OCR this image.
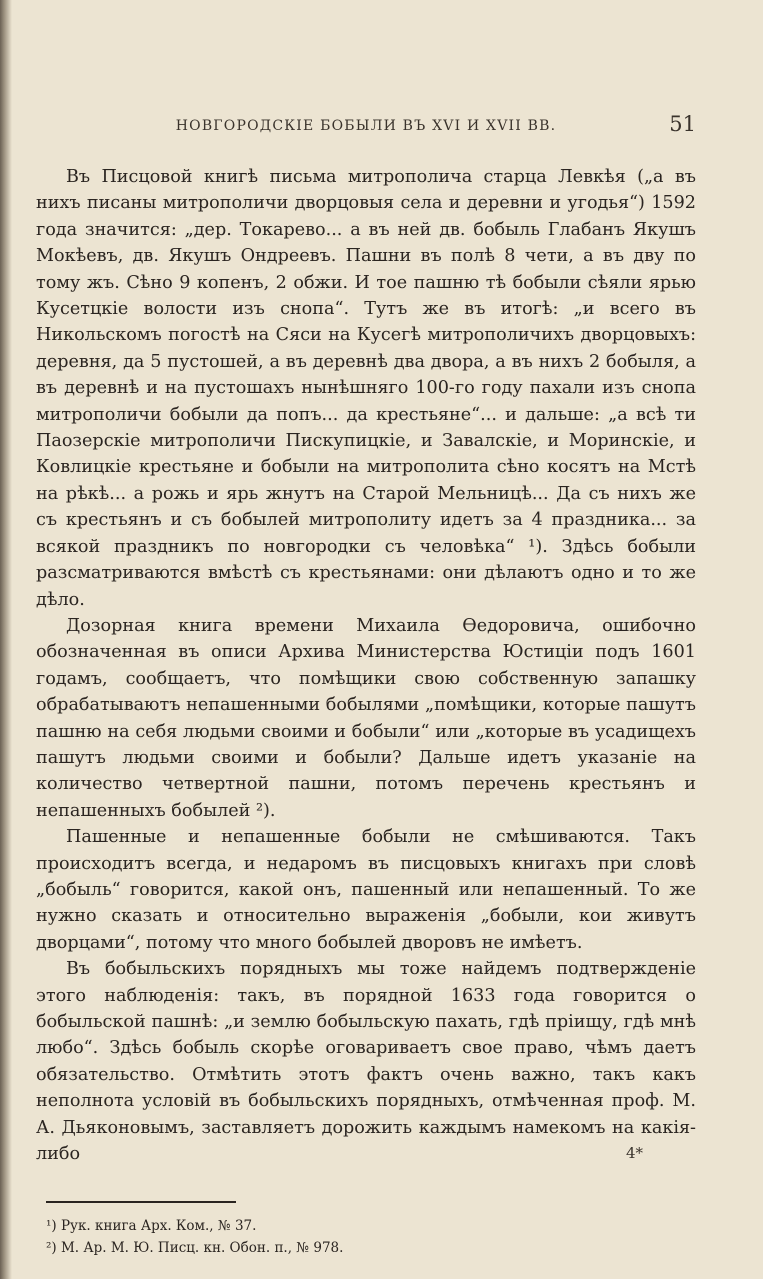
НОВГОРОДСКІЕ БОБЫЛИ ВЪ XVI И XVII ВВ.	51

Въ Писцовой книгѣ письма митрополича старца Левкѣя („а въ нихъ писаны митрополичи дворцовыя села и деревни и угодья“) 1592 года значится: „дер. Токарево... а въ ней дв. бобыль Глабанъ Якушъ Мокѣевъ, дв. Якушъ Ондреевъ. Пашни въ полѣ 8 чети, а въ дву по тому жъ. Сѣно 9 копенъ, 2 обжи. И тое пашню тѣ бобыли сѣяли ярью Кусетцкіе волости изъ снопа“. Тутъ же въ итогѣ: „и всего въ Никольскомъ погостѣ на Сяси на Кусегѣ митрополичихъ дворцовыхъ: деревня, да 5 пустошей, а въ деревнѣ два двора, а въ нихъ 2 бобыля, а въ деревнѣ и на пустошахъ нынѣшняго 100-го году пахали изъ снопа митрополичи бобыли да попъ... да крестьяне“... и дальше: „а всѣ ти Паозерскіе митрополичи Пискупицкіе, и Завалскіе, и Моринскіе, и Ковлицкіе крестьяне и бобыли на митрополита сѣно косятъ на Мстѣ на рѣкѣ... а рожь и ярь жнутъ на Старой Мельницѣ... Да съ нихъ же съ крестьянъ и съ бобылей митрополиту идетъ за 4 праздника... за всякой праздникъ по новгородки съ человѣка“ ¹). Здѣсь бобыли разсматриваются вмѣстѣ съ крестьянами: они дѣлаютъ одно и то же дѣло.

Дозорная книга времени Михаила Өедоровича, ошибочно обозначенная въ описи Архива Министерства Юстиціи подъ 1601 годамъ, сообщаетъ, что помѣщики свою собственную запашку обрабатываютъ непашенными бобылями „помѣщики, которые пашутъ пашню на себя людьми своими и бобыли“ или „которые въ усадищехъ пашутъ людьми своими и бобыли? Дальше идетъ указаніе на количество четвертной пашни, потомъ перечень крестьянъ и непашенныхъ бобылей ²).

Пашенные и непашенные бобыли не смѣшиваются. Такъ происходитъ всегда, и недаромъ въ писцовыхъ книгахъ при словѣ „бобыль“ говорится, какой онъ, пашенный или непашенный. То же нужно сказать и относительно выраженія „бобыли, кои живутъ дворцами“, потому что много бобылей дворовъ не имѣетъ.

Въ бобыльскихъ порядныхъ мы тоже найдемъ подтвержденіе этого наблюденія: такъ, въ порядной 1633 года говорится о бобыльской пашнѣ: „и землю бобыльскую пахать, гдѣ пріищу, гдѣ мнѣ любо“. Здѣсь бобыль скорѣе оговариваетъ свое право, чѣмъ даетъ обязательство. Отмѣтить этотъ фактъ очень важно, такъ какъ неполнота условій въ бобыльскихъ порядныхъ, отмѣченная проф. М. А. Дьяконовымъ, заставляетъ дорожить каждымъ намекомъ на какія-либо

¹) Рук. книга Арх. Ком., № 37.
²) М. Ар. М. Ю. Писц. кн. Обон. п., № 978.
4*
